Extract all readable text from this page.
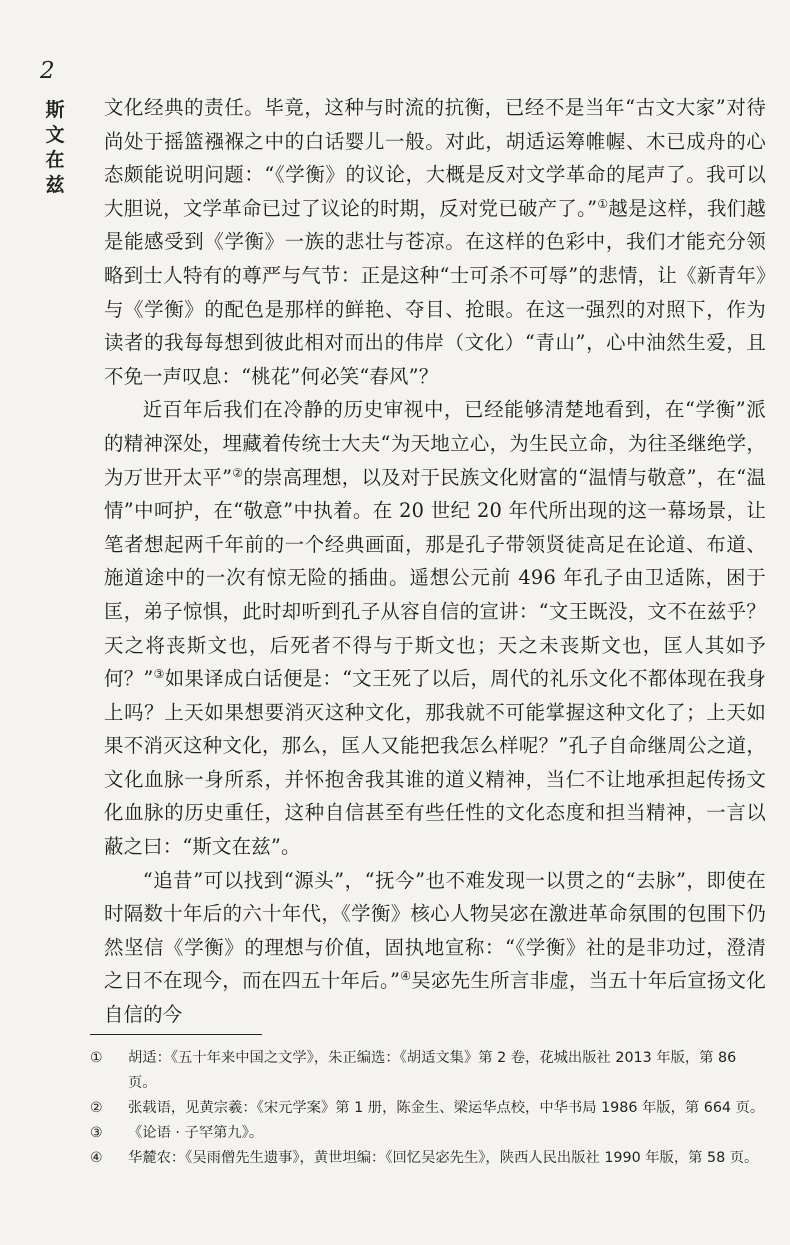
2
斯
文
在
兹

文化经典的责任。毕竟，这种与时流的抗衡，已经不是当年“古文大家”对待尚处于摇篮襁褓之中的白话婴儿一般。对此，胡适运筹帷幄、木已成舟的心态颇能说明问题：“《学衡》的议论，大概是反对文学革命的尾声了。我可以大胆说，文学革命已过了议论的时期，反对党已破产了。”①越是这样，我们越是能感受到《学衡》一族的悲壮与苍凉。在这样的色彩中，我们才能充分领略到士人特有的尊严与气节：正是这种“士可杀不可辱”的悲情，让《新青年》与《学衡》的配色是那样的鲜艳、夺目、抢眼。在这一强烈的对照下，作为读者的我每每想到彼此相对而出的伟岸（文化）“青山”，心中油然生爱，且不免一声叹息：“桃花”何必笑“春风”？

近百年后我们在冷静的历史审视中，已经能够清楚地看到，在“学衡”派的精神深处，埋藏着传统士大夫“为天地立心，为生民立命，为往圣继绝学，为万世开太平”②的崇高理想，以及对于民族文化财富的“温情与敬意”，在“温情”中呵护，在“敬意”中执着。在 20 世纪 20 年代所出现的这一幕场景，让笔者想起两千年前的一个经典画面，那是孔子带领贤徒高足在论道、布道、施道途中的一次有惊无险的插曲。遥想公元前 496 年孔子由卫适陈，困于匡，弟子惊惧，此时却听到孔子从容自信的宣讲：“文王既没，文不在兹乎？天之将丧斯文也，后死者不得与于斯文也；天之未丧斯文也，匡人其如予何？”③如果译成白话便是：“文王死了以后，周代的礼乐文化不都体现在我身上吗？上天如果想要消灭这种文化，那我就不可能掌握这种文化了；上天如果不消灭这种文化，那么，匡人又能把我怎么样呢？”孔子自命继周公之道，文化血脉一身所系，并怀抱舍我其谁的道义精神，当仁不让地承担起传扬文化血脉的历史重任，这种自信甚至有些任性的文化态度和担当精神，一言以蔽之曰：“斯文在兹”。

“追昔”可以找到“源头”，“抚今”也不难发现一以贯之的“去脉”，即使在时隔数十年后的六十年代，《学衡》核心人物吴宓在激进革命氛围的包围下仍然坚信《学衡》的理想与价值，固执地宣称：“《学衡》社的是非功过，澄清之日不在现今，而在四五十年后。”④吴宓先生所言非虚，当五十年后宣扬文化自信的今

①	胡适：《五十年来中国之文学》，朱正编选：《胡适文集》第 2 卷，花城出版社 2013 年版，第 86 页。
②	张载语，见黄宗羲：《宋元学案》第 1 册，陈金生、梁运华点校，中华书局 1986 年版，第 664 页。
③	《论语 · 子罕第九》。
④	华麓农：《吴雨僧先生遗事》，黄世坦编：《回忆吴宓先生》，陕西人民出版社 1990 年版，第 58 页。
